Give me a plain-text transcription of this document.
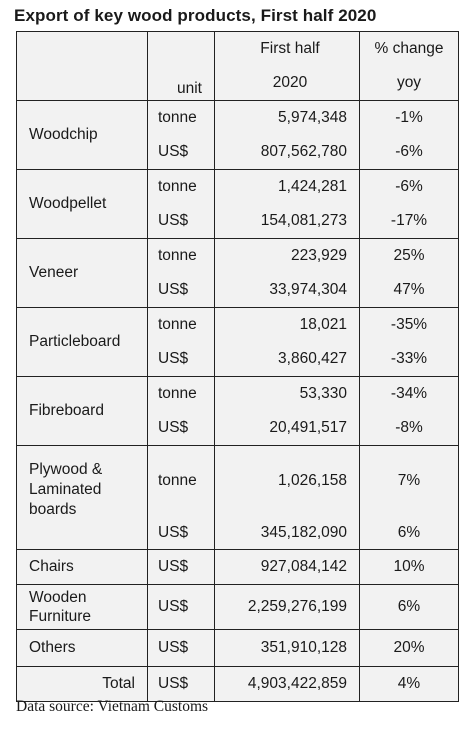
Export of key wood products, First half 2020
		First half	% change
	unit	2020	yoy
Woodchip	tonne	5,974,348	-1%
	US$	807,562,780	-6%
Woodpellet	tonne	1,424,281	-6%
	US$	154,081,273	-17%
Veneer	tonne	223,929	25%
	US$	33,974,304	47%
Particleboard	tonne	18,021	-35%
	US$	3,860,427	-33%
Fibreboard	tonne	53,330	-34%
	US$	20,491,517	-8%
Plywood & Laminated boards	tonne	1,026,158	7%
	US$	345,182,090	6%
Chairs	US$	927,084,142	10%
Wooden Furniture	US$	2,259,276,199	6%
Others	US$	351,910,128	20%
Total	US$	4,903,422,859	4%
Data source: Vietnam Customs
